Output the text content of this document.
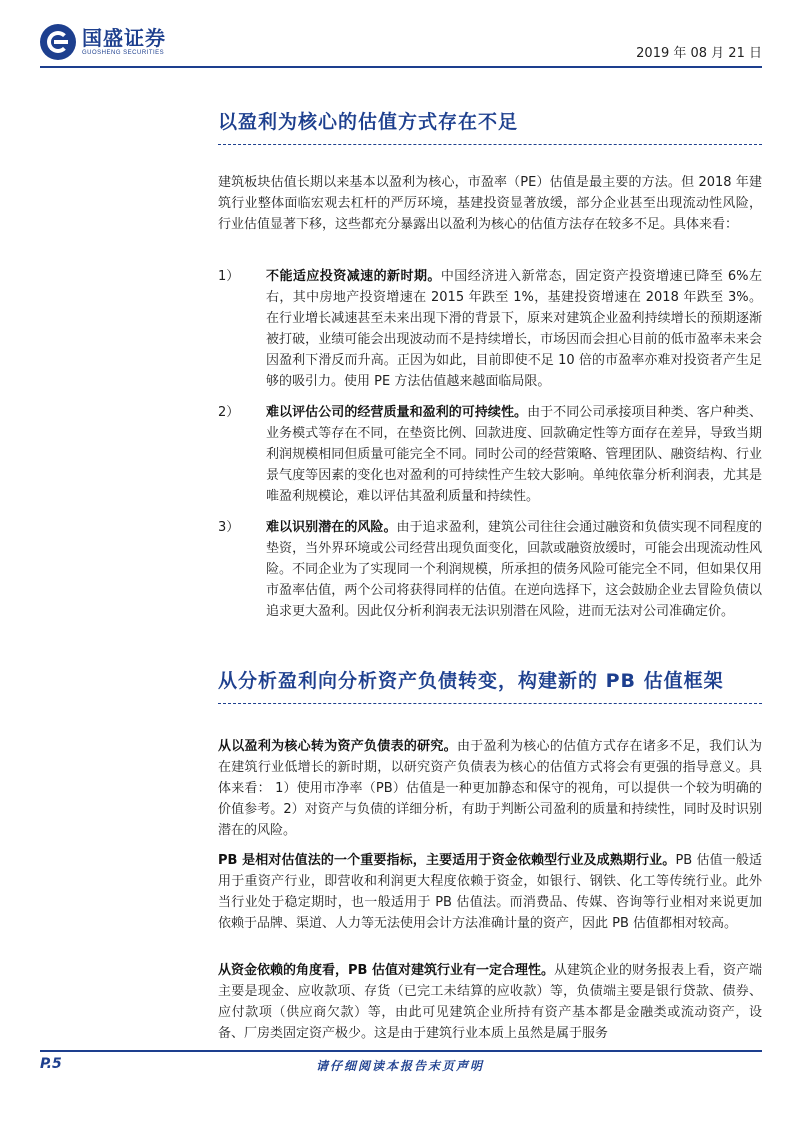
国盛证券
GUOSHENG SECURITIES	2019 年 08 月 21 日
以盈利为核心的估值方式存在不足
建筑板块估值长期以来基本以盈利为核心，市盈率（PE）估值是最主要的方法。但 2018 年建筑行业整体面临宏观去杠杆的严厉环境，基建投资显著放缓，部分企业甚至出现流动性风险，行业估值显著下移，这些都充分暴露出以盈利为核心的估值方法存在较多不足。具体来看：
1） 不能适应投资减速的新时期。中国经济进入新常态，固定资产投资增速已降至 6%左右，其中房地产投资增速在 2015 年跌至 1%，基建投资增速在 2018 年跌至 3%。在行业增长减速甚至未来出现下滑的背景下，原来对建筑企业盈利持续增长的预期逐渐被打破，业绩可能会出现波动而不是持续增长，市场因而会担心目前的低市盈率未来会因盈利下滑反而升高。正因为如此，目前即使不足 10 倍的市盈率亦难对投资者产生足够的吸引力。使用 PE 方法估值越来越面临局限。
2） 难以评估公司的经营质量和盈利的可持续性。由于不同公司承接项目种类、客户种类、业务模式等存在不同，在垫资比例、回款进度、回款确定性等方面存在差异，导致当期利润规模相同但质量可能完全不同。同时公司的经营策略、管理团队、融资结构、行业景气度等因素的变化也对盈利的可持续性产生较大影响。单纯依靠分析利润表，尤其是唯盈利规模论，难以评估其盈利质量和持续性。
3） 难以识别潜在的风险。由于追求盈利，建筑公司往往会通过融资和负债实现不同程度的垫资，当外界环境或公司经营出现负面变化，回款或融资放缓时，可能会出现流动性风险。不同企业为了实现同一个利润规模，所承担的债务风险可能完全不同，但如果仅用市盈率估值，两个公司将获得同样的估值。在逆向选择下，这会鼓励企业去冒险负债以追求更大盈利。因此仅分析利润表无法识别潜在风险，进而无法对公司准确定价。
从分析盈利向分析资产负债转变，构建新的 PB 估值框架
从以盈利为核心转为资产负债表的研究。由于盈利为核心的估值方式存在诸多不足，我们认为在建筑行业低增长的新时期，以研究资产负债表为核心的估值方式将会有更强的指导意义。具体来看： 1）使用市净率（PB）估值是一种更加静态和保守的视角，可以提供一个较为明确的价值参考。2）对资产与负债的详细分析，有助于判断公司盈利的质量和持续性，同时及时识别潜在的风险。
PB 是相对估值法的一个重要指标，主要适用于资金依赖型行业及成熟期行业。PB 估值一般适用于重资产行业，即营收和利润更大程度依赖于资金，如银行、钢铁、化工等传统行业。此外当行业处于稳定期时，也一般适用于 PB 估值法。而消费品、传媒、咨询等行业相对来说更加依赖于品牌、渠道、人力等无法使用会计方法准确计量的资产，因此 PB 估值都相对较高。
从资金依赖的角度看，PB 估值对建筑行业有一定合理性。从建筑企业的财务报表上看，资产端主要是现金、应收款项、存货（已完工未结算的应收款）等，负债端主要是银行贷款、债券、应付款项（供应商欠款）等，由此可见建筑企业所持有资产基本都是金融类或流动资产，设备、厂房类固定资产极少。这是由于建筑行业本质上虽然是属于服务
P.5	请仔细阅读本报告末页声明
